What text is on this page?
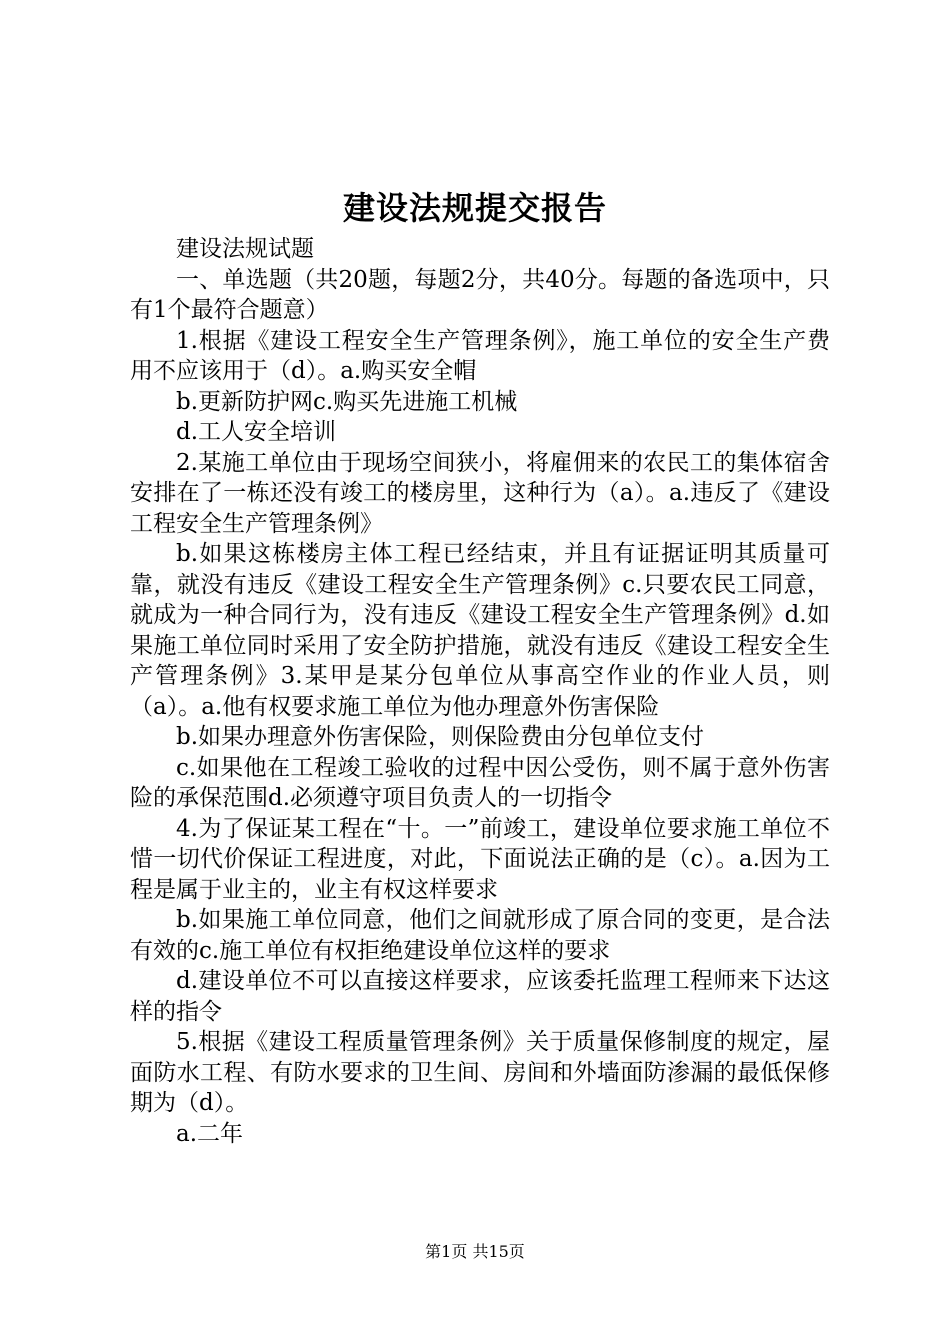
建设法规提交报告

建设法规试题

一、单选题（共20题，每题2分，共40分。每题的备选项中，只有1个最符合题意）

1.根据《建设工程安全生产管理条例》，施工单位的安全生产费用不应该用于（d）。a.购买安全帽

b.更新防护网c.购买先进施工机械

d.工人安全培训

2.某施工单位由于现场空间狭小，将雇佣来的农民工的集体宿舍安排在了一栋还没有竣工的楼房里，这种行为（a）。a.违反了《建设工程安全生产管理条例》

b.如果这栋楼房主体工程已经结束，并且有证据证明其质量可靠，就没有违反《建设工程安全生产管理条例》c.只要农民工同意，就成为一种合同行为，没有违反《建设工程安全生产管理条例》d.如果施工单位同时采用了安全防护措施，就没有违反《建设工程安全生产管理条例》3.某甲是某分包单位从事高空作业的作业人员，则（a）。a.他有权要求施工单位为他办理意外伤害保险

b.如果办理意外伤害保险，则保险费由分包单位支付

c.如果他在工程竣工验收的过程中因公受伤，则不属于意外伤害险的承保范围d.必须遵守项目负责人的一切指令

4.为了保证某工程在“十。一”前竣工，建设单位要求施工单位不惜一切代价保证工程进度，对此，下面说法正确的是（c）。a.因为工程是属于业主的，业主有权这样要求

b.如果施工单位同意，他们之间就形成了原合同的变更，是合法有效的c.施工单位有权拒绝建设单位这样的要求

d.建设单位不可以直接这样要求，应该委托监理工程师来下达这样的指令

5.根据《建设工程质量管理条例》关于质量保修制度的规定，屋面防水工程、有防水要求的卫生间、房间和外墙面防渗漏的最低保修期为（d）。

a.二年

第1页 共15页
